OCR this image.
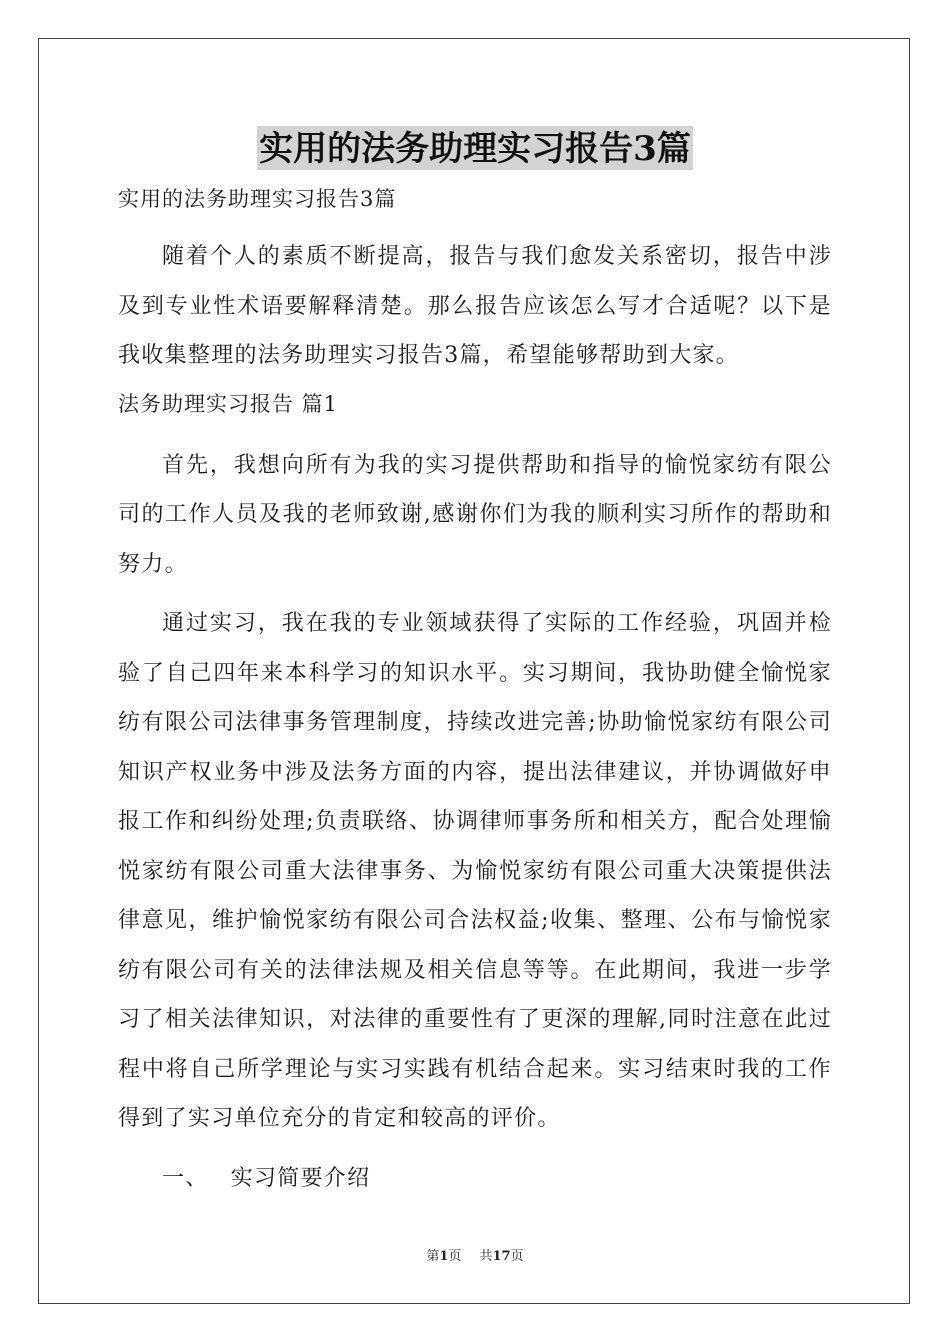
实用的法务助理实习报告3篇
实用的法务助理实习报告3篇

随着个人的素质不断提高，报告与我们愈发关系密切，报告中涉及到专业性术语要解释清楚。那么报告应该怎么写才合适呢？以下是我收集整理的法务助理实习报告3篇，希望能够帮助到大家。

法务助理实习报告 篇1

首先，我想向所有为我的实习提供帮助和指导的愉悦家纺有限公司的工作人员及我的老师致谢,感谢你们为我的顺利实习所作的帮助和努力。

通过实习，我在我的专业领域获得了实际的工作经验，巩固并检验了自己四年来本科学习的知识水平。实习期间，我协助健全愉悦家纺有限公司法律事务管理制度，持续改进完善;协助愉悦家纺有限公司知识产权业务中涉及法务方面的内容，提出法律建议，并协调做好申报工作和纠纷处理;负责联络、协调律师事务所和相关方，配合处理愉悦家纺有限公司重大法律事务、为愉悦家纺有限公司重大决策提供法律意见，维护愉悦家纺有限公司合法权益;收集、整理、公布与愉悦家纺有限公司有关的法律法规及相关信息等等。在此期间，我进一步学习了相关法律知识，对法律的重要性有了更深的理解,同时注意在此过程中将自己所学理论与实习实践有机结合起来。实习结束时我的工作得到了实习单位充分的肯定和较高的评价。

一、 实习简要介绍
第1页 共17页
